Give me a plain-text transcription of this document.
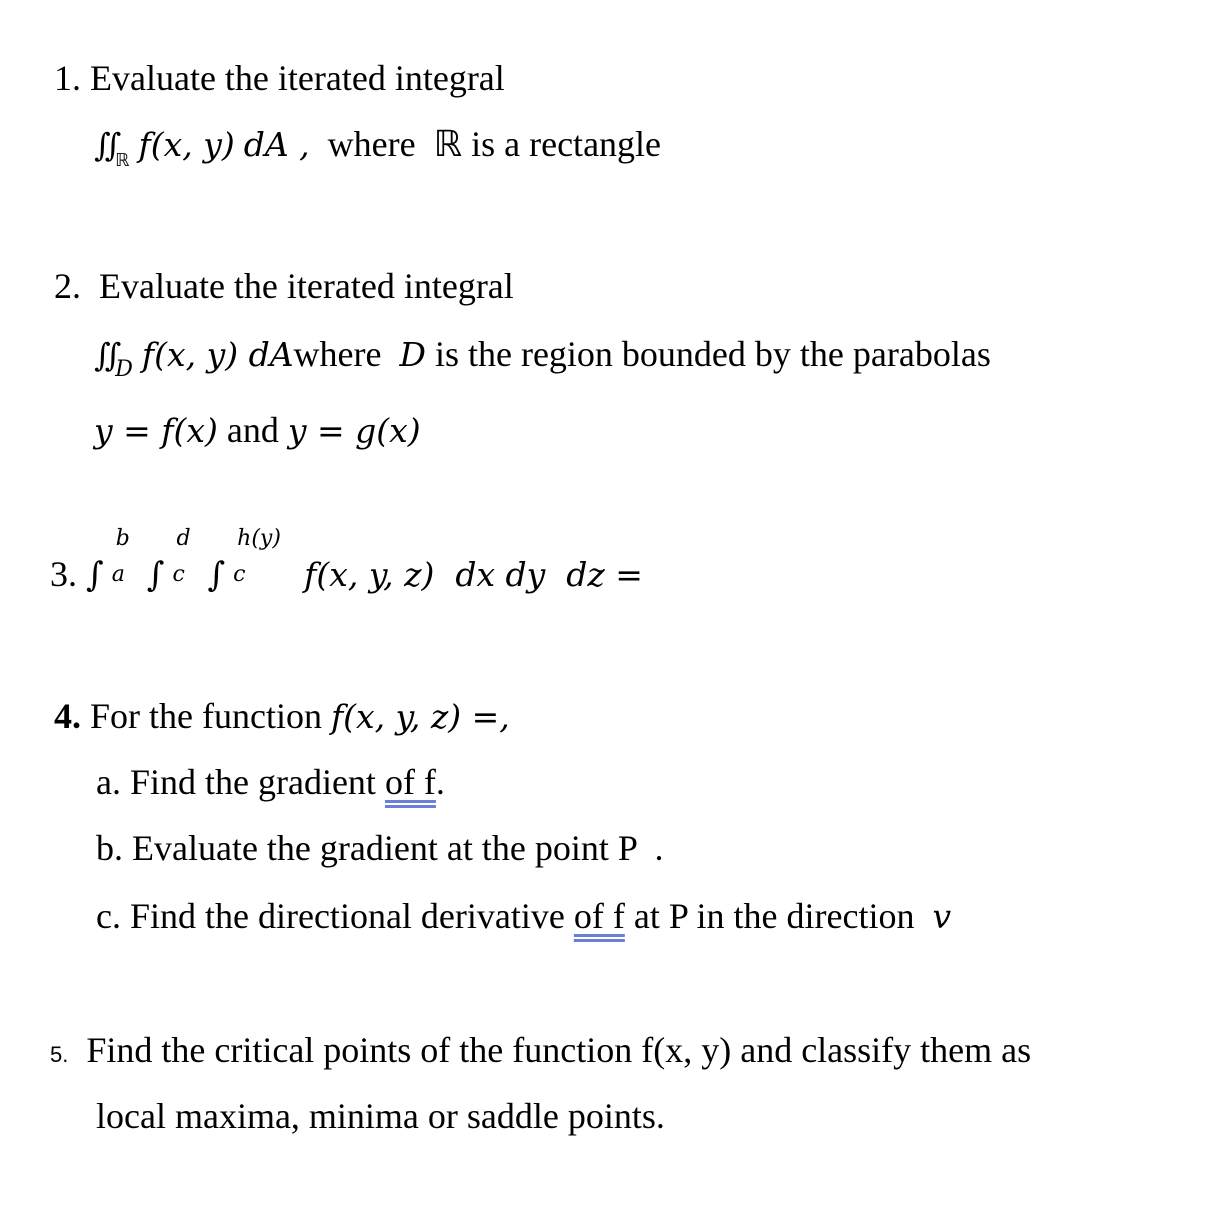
1. Evaluate the iterated integral
$∬_ℝ$ f(x, y) dA , where ℝ is a rectangle
2. Evaluate the iterated integral
$∬_D$ f(x, y) dAwhere D is the region bounded by the parabolas
y = f(x) and y = g(x)
3. ∫
b
a ∫
d
c ∫
h(y)
c f(x, y, z)  dx dy  dz =
4. For the function f(x, y, z) =,
a. Find the gradient of f.
b. Evaluate the gradient at the point P  .
c. Find the directional derivative of f at P in the direction v
5. Find the critical points of the function f(x, y) and classify them as
local maxima, minima or saddle points.
